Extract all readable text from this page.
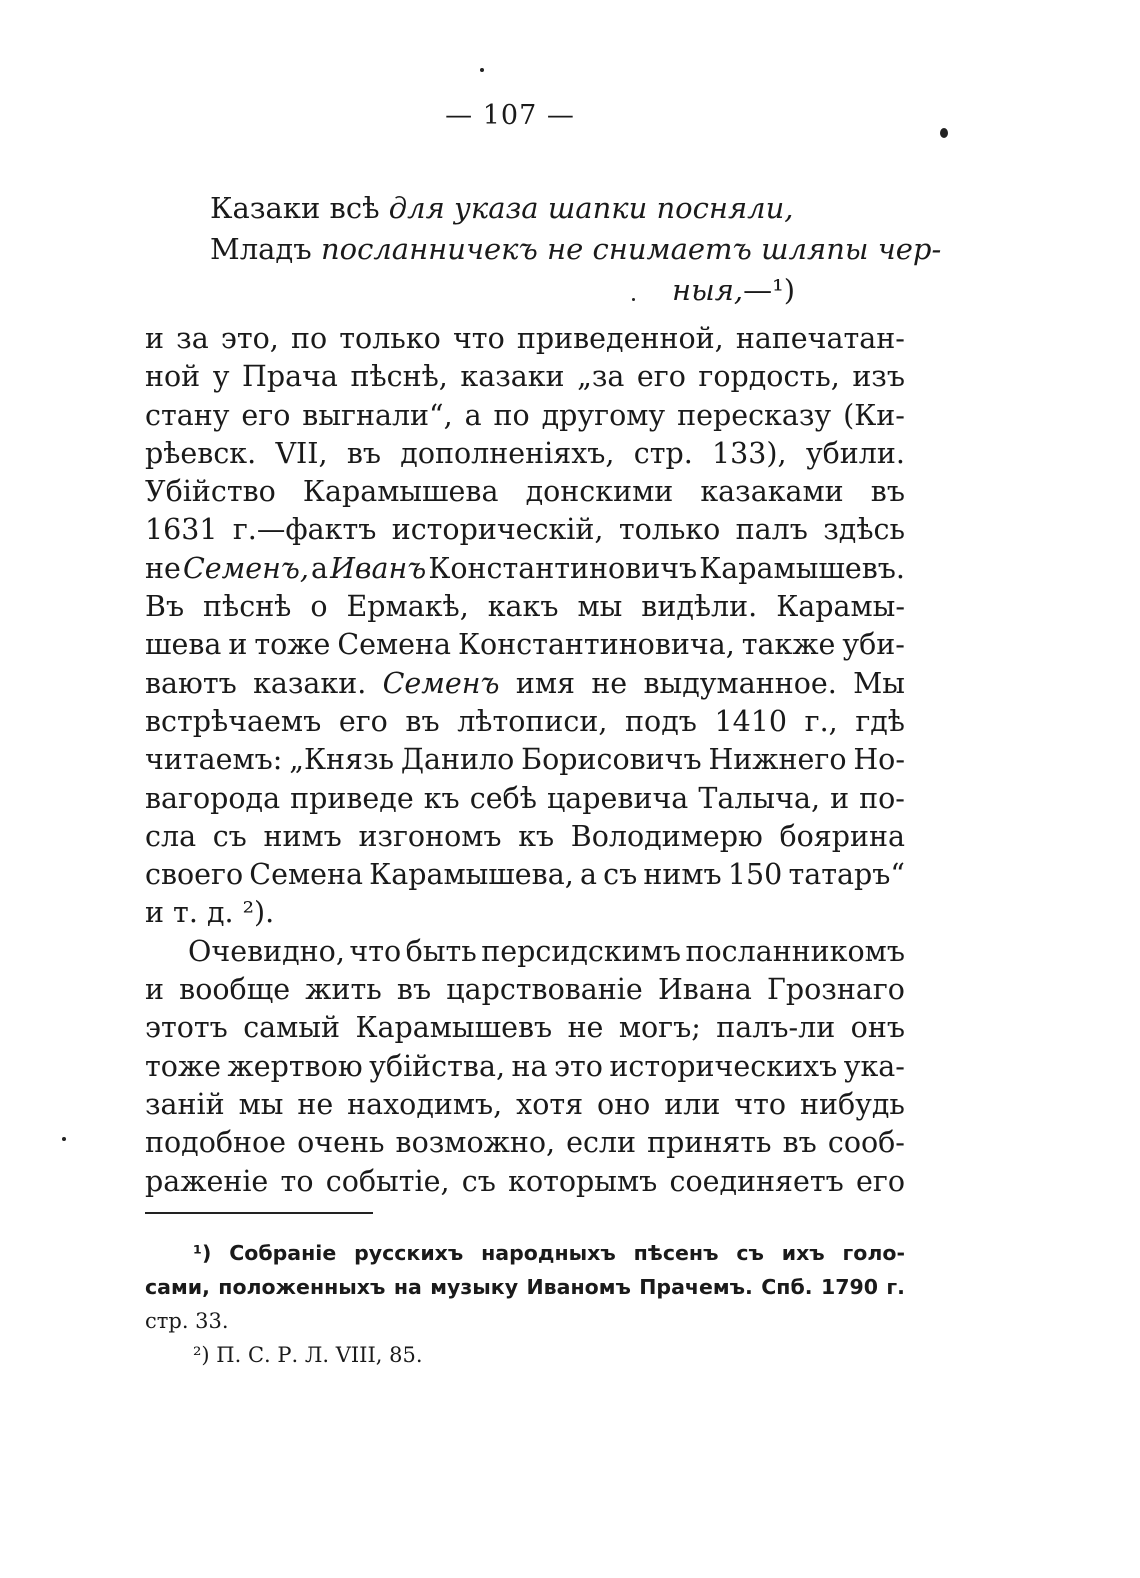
— 107 —
Казаки всѣ для указа шапки посняли,
Младъ посланничекъ не снимаетъ шляпы чер-
ныя,—¹)
и за это, по только что приведенной, напечатан-
ной у Прача пѣснѣ, казаки „за его гордость, изъ
стану его выгнали“, а по другому пересказу (Ки-
рѣевск. VII, въ дополненіяхъ, стр. 133), убили.
Убійство Карамышева донскими казаками въ
1631 г.—фактъ историческій, только палъ здѣсь
не Семенъ, а Иванъ Константиновичъ Карамышевъ.
Въ пѣснѣ о Ермакѣ, какъ мы видѣли. Карамы-
шева и тоже Семена Константиновича, также уби-
ваютъ казаки. Семенъ имя не выдуманное. Мы
встрѣчаемъ его въ лѣтописи, подъ 1410 г., гдѣ
читаемъ: „Князь Данило Борисовичъ Нижнего Но-
вагорода приведе къ себѣ царевича Талыча, и по-
сла съ нимъ изгономъ къ Володимерю боярина
своего Семена Карамышева, а съ нимъ 150 татаръ“
и т. д. ²).
Очевидно, что быть персидскимъ посланникомъ
и вообще жить въ царствованіе Ивана Грознаго
этотъ самый Карамышевъ не могъ; палъ-ли онъ
тоже жертвою убійства, на это историческихъ ука-
заній мы не находимъ, хотя оно или что нибудь
подобное очень возможно, если принять въ сооб-
раженіе то событіе, съ которымъ соединяетъ его
¹) Собраніе русскихъ народныхъ пѣсенъ съ ихъ голо-
сами, положенныхъ на музыку Иваномъ Прачемъ. Спб. 1790 г.
стр. 33.
²) П. С. Р. Л. VIII, 85.
